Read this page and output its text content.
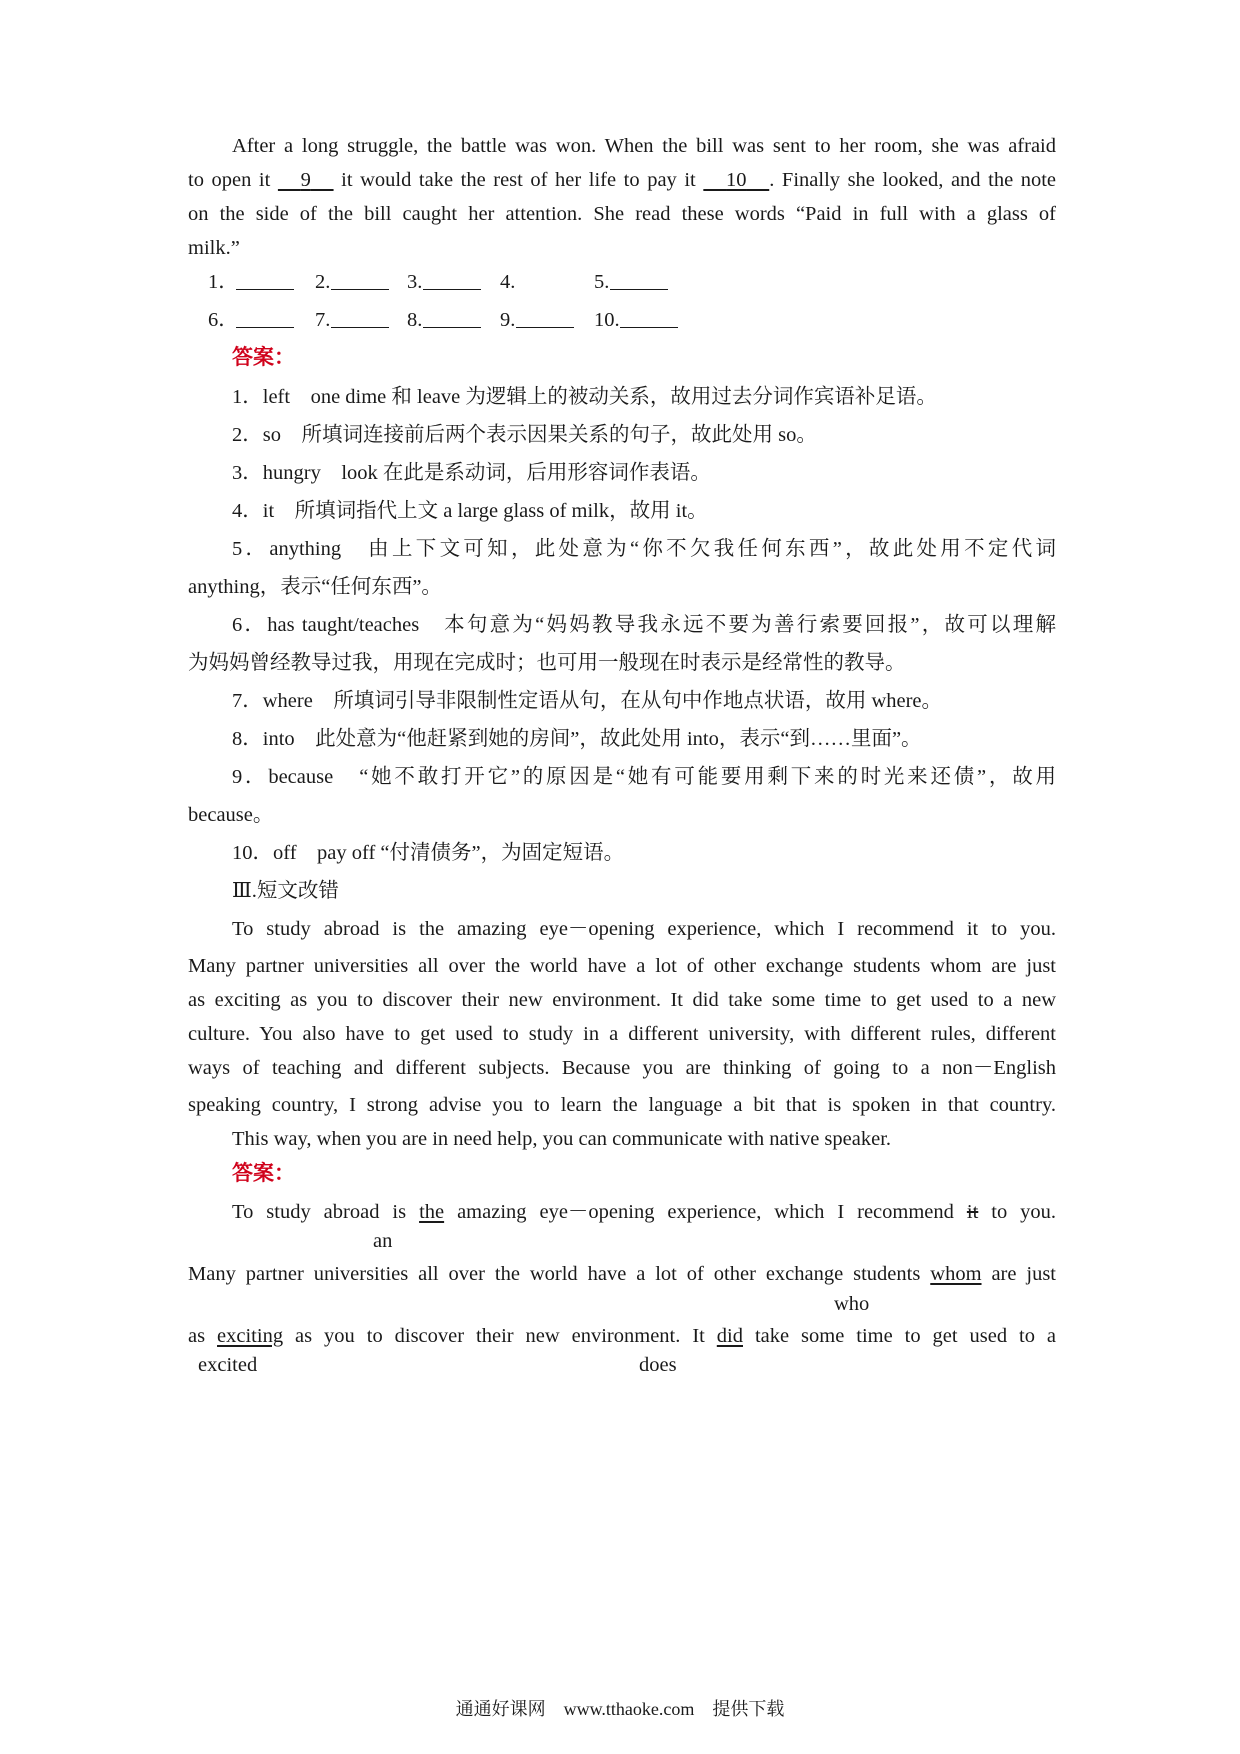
After a long struggle, the battle was won. When the bill was sent to her room, she was afraid
to open it 9 it would take the rest of her life to pay it 10 . Finally she looked, and the note
on the side of the bill caught her attention. She read these words “Paid in full with a glass of
milk.”
1．	2.	3.	4.	5.
6．	7.	8.	9.	10.
答案：
1．left　one dime 和 leave 为逻辑上的被动关系，故用过去分词作宾语补足语。
2．so　所填词连接前后两个表示因果关系的句子，故此处用 so。
3．hungry　look 在此是系动词，后用形容词作表语。
4．it　所填词指代上文 a large glass of milk，故用 it。
5．anything　由上下文可知，此处意为“你不欠我任何东西”，故此处用不定代词
anything，表示“任何东西”。
6．has taught/teaches　本句意为“妈妈教导我永远不要为善行索要回报”，故可以理解
为妈妈曾经教导过我，用现在完成时；也可用一般现在时表示是经常性的教导。
7．where　所填词引导非限制性定语从句，在从句中作地点状语，故用 where。
8．into　此处意为“他赶紧到她的房间”，故此处用 into，表示“到……里面”。
9．because　“她不敢打开它”的原因是“她有可能要用剩下来的时光来还债”，故用
because。
10．off　pay off “付清债务”，为固定短语。
Ⅲ.短文改错
To study abroad is the amazing eye－opening experience, which I recommend it to you.
Many partner universities all over the world have a lot of other exchange students whom are just
as exciting as you to discover their new environment. It did take some time to get used to a new
culture. You also have to get used to study in a different university, with different rules, different
ways of teaching and different subjects. Because you are thinking of going to a non－English
speaking country, I strong advise you to learn the language a bit that is spoken in that country.
This way, when you are in need help, you can communicate with native speaker.
答案：
To study abroad is the amazing eye－opening experience, which I recommend it to you.
an
Many partner universities all over the world have a lot of other exchange students whom are just
who
as exciting as you to discover their new environment. It did take some time to get used to a
excited	does
通通好课网　www.tthaoke.com　提供下载
